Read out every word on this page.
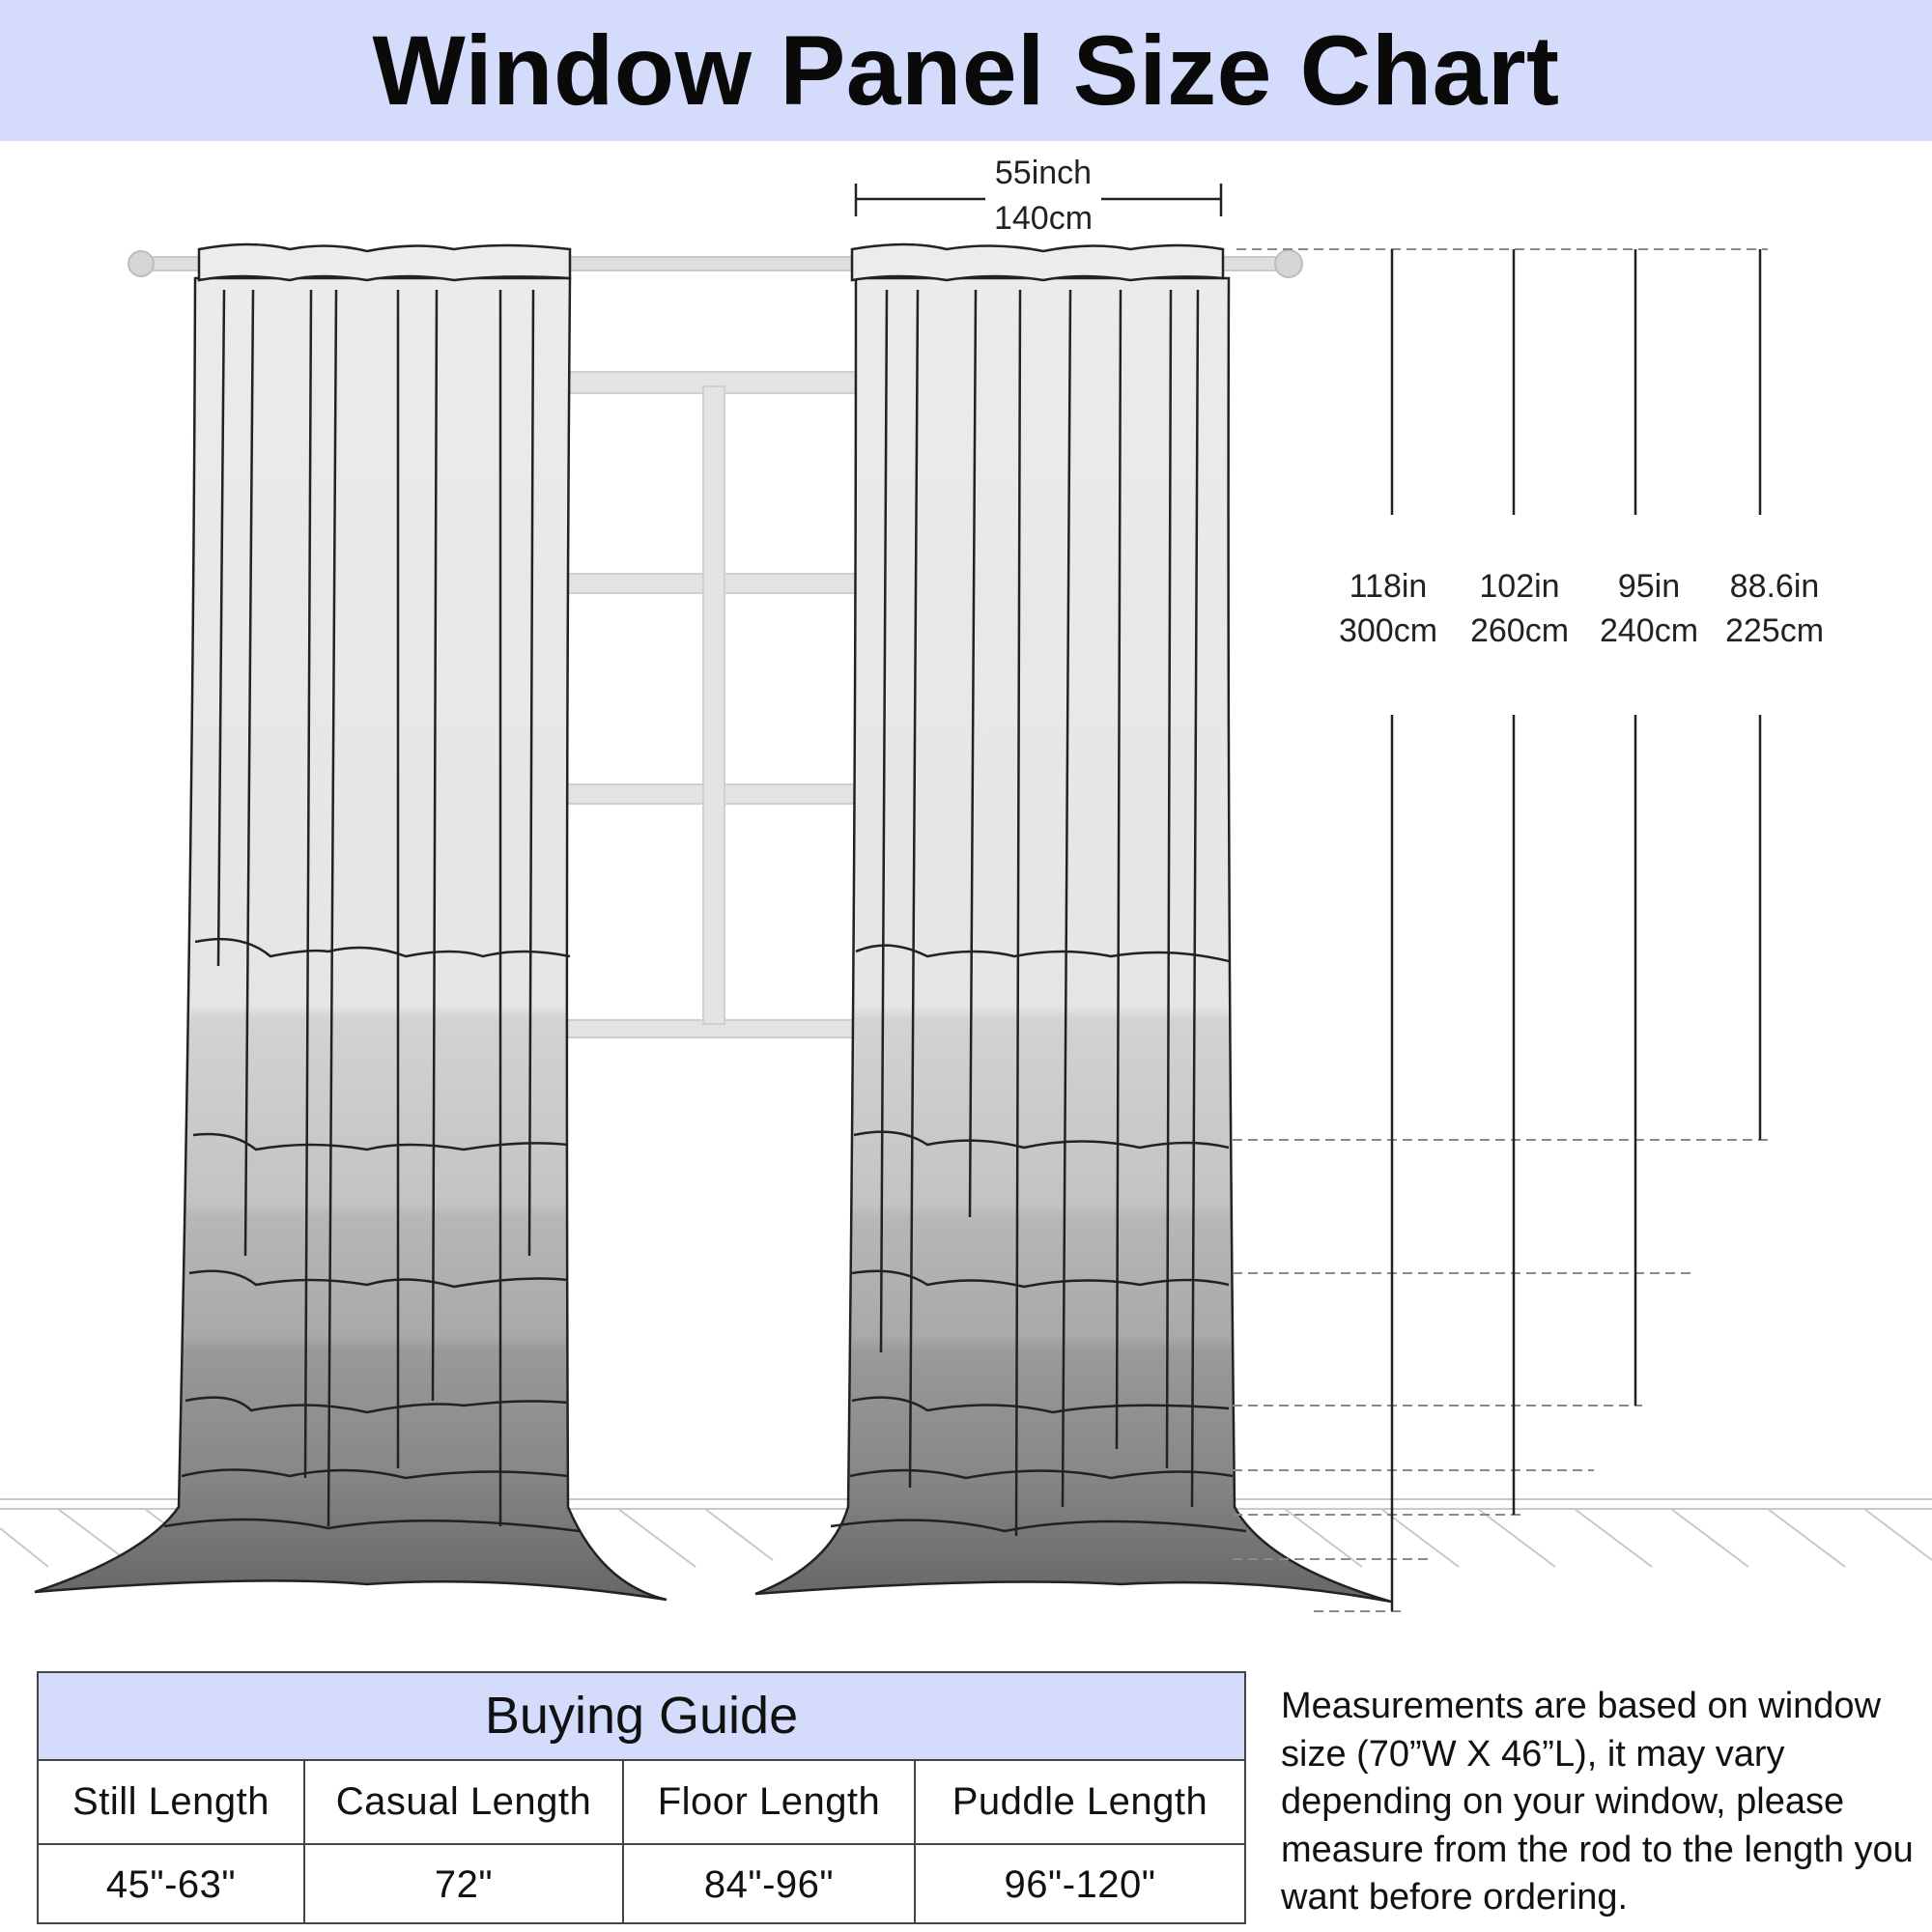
Window Panel Size Chart
55inch
140cm
118in
300cm
102in
260cm
95in
240cm
88.6in
225cm
Buying Guide
Still Length	Casual Length	Floor Length	Puddle Length
45"-63"	72"	84"-96"	96"-120"
Measurements are based on window size (70”W X 46”L), it may vary depending on your window, please measure from the rod to the length you want before ordering.
